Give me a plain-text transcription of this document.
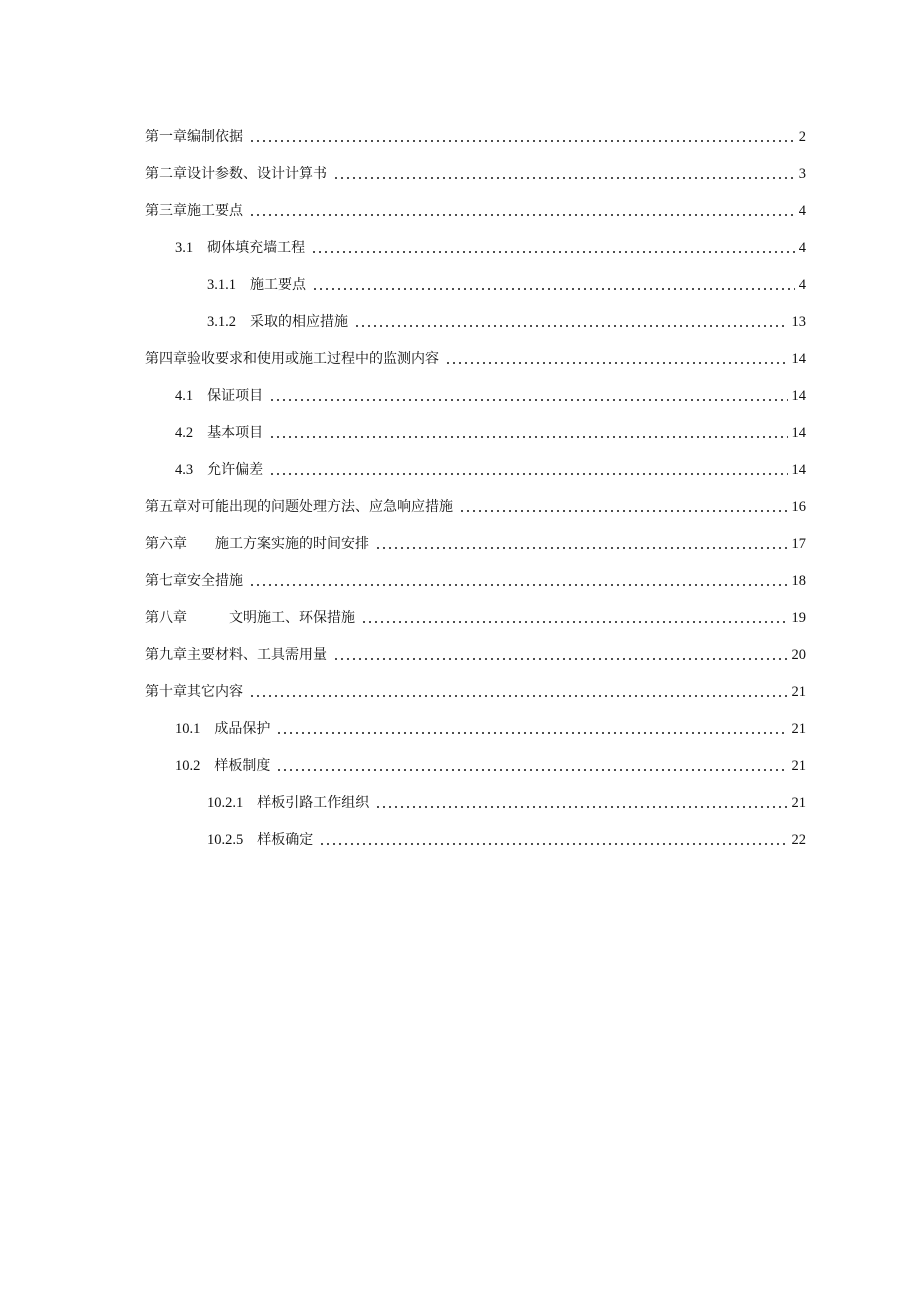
第一章编制依据	2
第二章设计参数、设计计算书	3
第三章施工要点	4
3.1	砌体填充墙工程	4
3.1.1	施工要点	4
3.1.2	采取的相应措施	13
第四章验收要求和使用或施工过程中的监测内容	14
4.1	保证项目	14
4.2	基本项目	14
4.3	允许偏差	14
第五章对可能出现的问题处理方法、应急响应措施	16
第六章　　施工方案实施的时间安排	17
第七章安全措施	18
第八章　　　文明施工、环保措施	19
第九章主要材料、工具需用量	20
第十章其它内容	21
10.1	成品保护	21
10.2	样板制度	21
10.2.1	样板引路工作组织	21
10.2.5	样板确定	22
